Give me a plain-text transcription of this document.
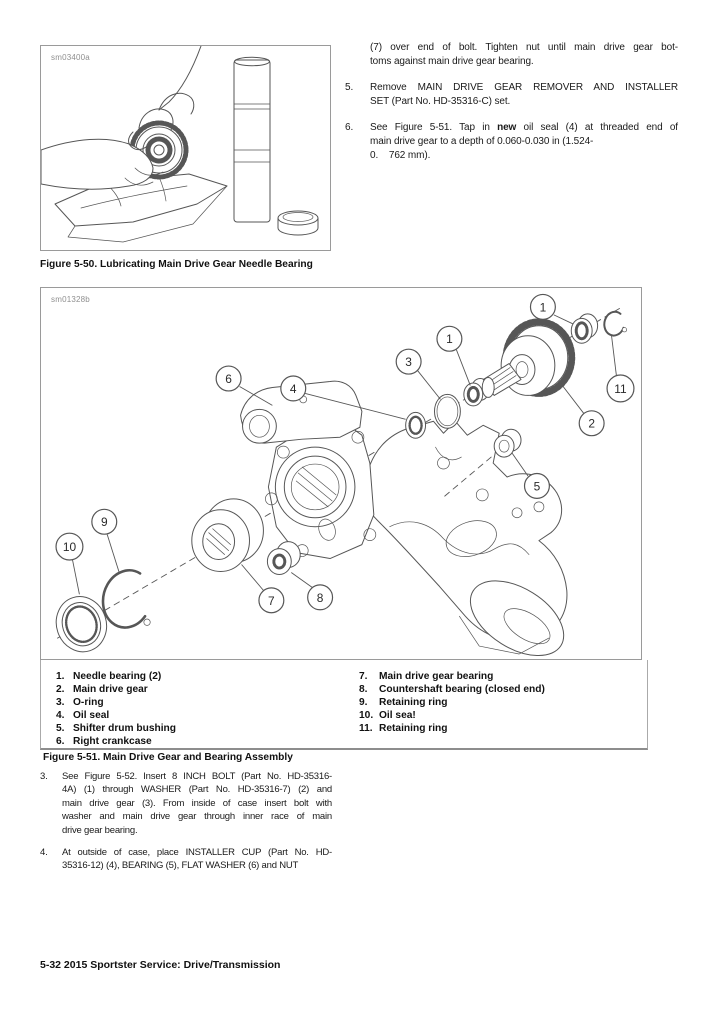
sm03400a
Figure 5-50. Lubricating Main Drive Gear Needle Bearing
(7) over end of bolt. Tighten nut until main drive gear bot-
toms against main drive gear bearing.
5. Remove MAIN DRIVE GEAR REMOVER AND INSTALLER
SET (Part No. HD-35316-C) set.
6. See Figure 5-51. Tap in new oil seal (4) at threaded end of
main drive gear to a depth of 0.060-0.030 in (1.524-
0.    762 mm).
sm01328b
1
1
3
4
6
11
2
5
9
10
7	8
1. Needle bearing (2)
2. Main drive gear
3. O-ring
4. Oil seal
5. Shifter drum bushing
6. Right crankcase
7.	Main drive gear bearing
8.	Countershaft bearing (closed end)
9.	Retaining ring
10. Oil sea!
11. Retaining ring
Figure 5-51. Main Drive Gear and Bearing Assembly
3. See Figure 5-52. Insert 8 INCH BOLT (Part No. HD-35316-
4A) (1) through WASHER (Part No. HD-35316-7) (2) and
main drive gear (3). From inside of case insert bolt with
washer and main drive gear through inner race of main
drive gear bearing.
4. At outside of case, place INSTALLER CUP (Part No. HD-
35316-12) (4), BEARING (5), FLAT WASHER (6) and NUT
5-32 2015 Sportster Service: Drive/Transmission
